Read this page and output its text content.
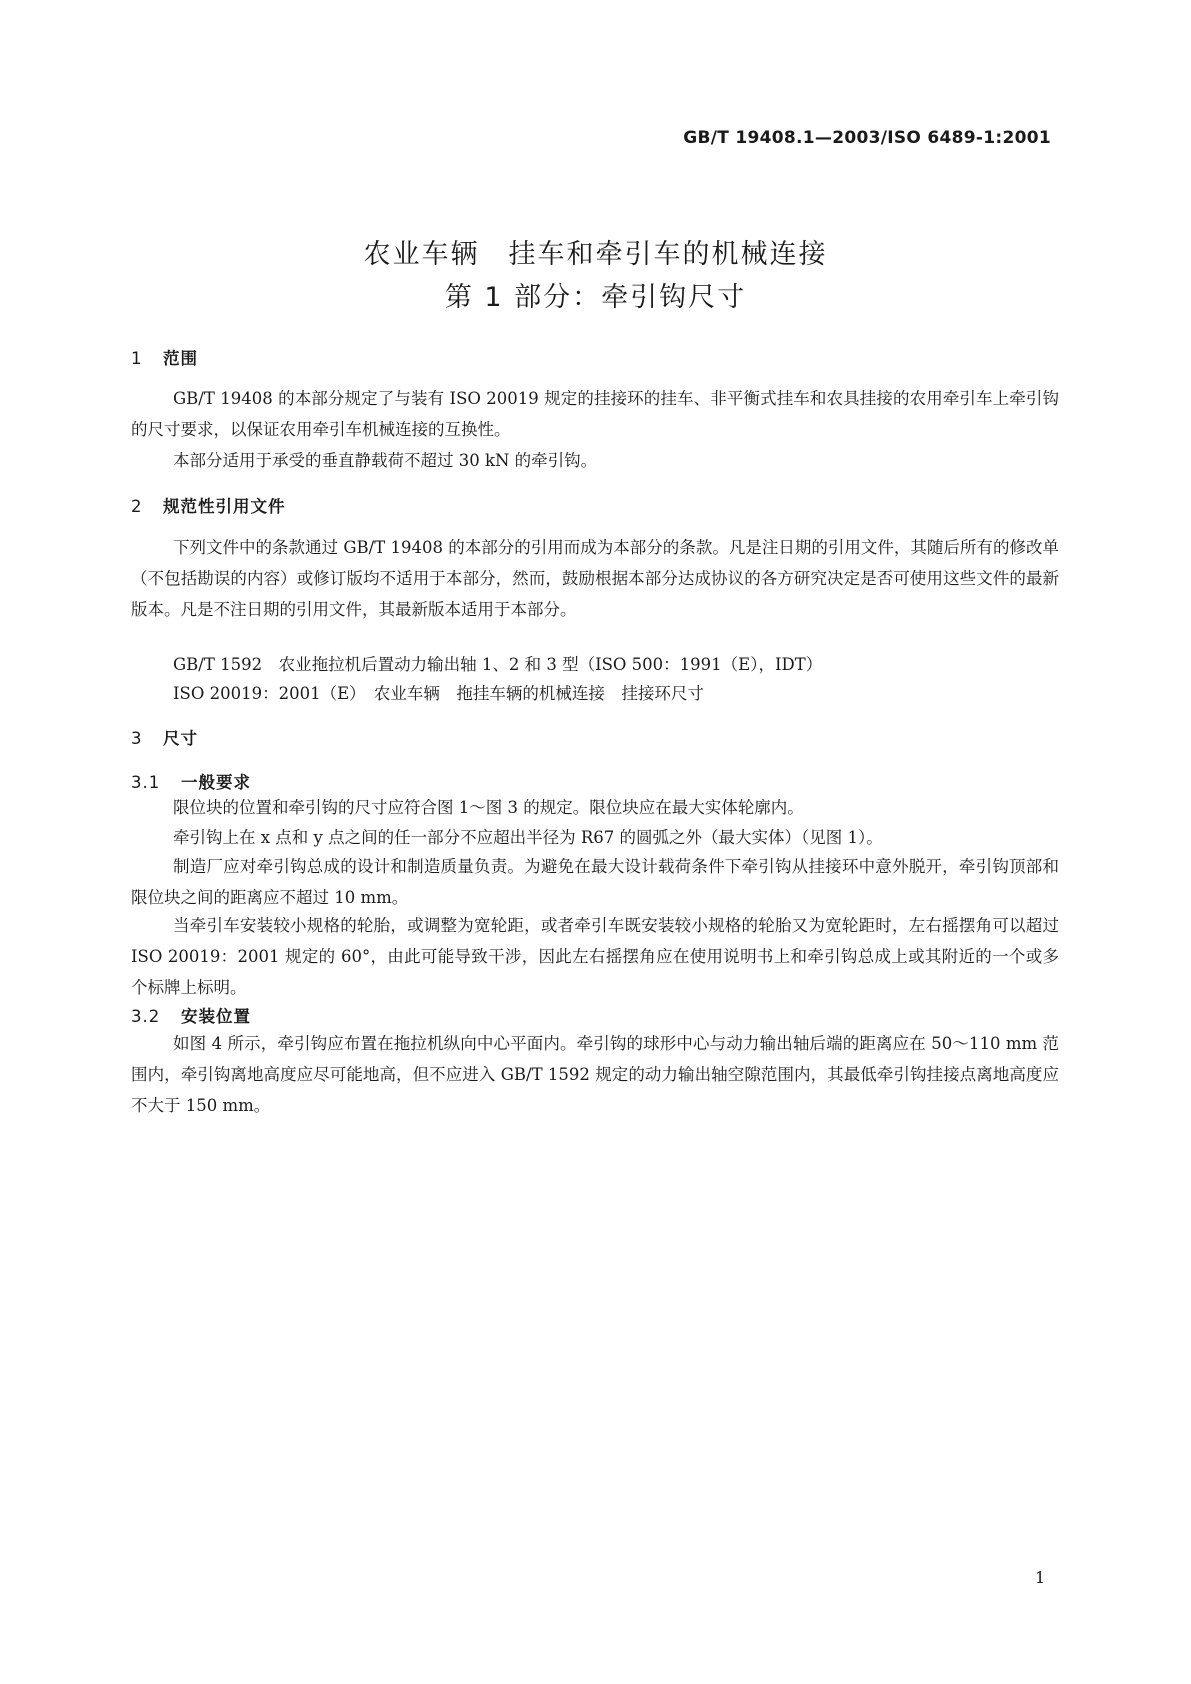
GB/T 19408.1—2003/ISO 6489-1:2001
农业车辆　挂车和牵引车的机械连接
第 1 部分：牵引钩尺寸
1 范围
GB/T 19408 的本部分规定了与装有 ISO 20019 规定的挂接环的挂车、非平衡式挂车和农具挂接的农用牵引车上牵引钩的尺寸要求，以保证农用牵引车机械连接的互换性。
本部分适用于承受的垂直静载荷不超过 30 kN 的牵引钩。
2 规范性引用文件
下列文件中的条款通过 GB/T 19408 的本部分的引用而成为本部分的条款。凡是注日期的引用文件，其随后所有的修改单（不包括勘误的内容）或修订版均不适用于本部分，然而，鼓励根据本部分达成协议的各方研究决定是否可使用这些文件的最新版本。凡是不注日期的引用文件，其最新版本适用于本部分。
GB/T 1592　农业拖拉机后置动力输出轴 1、2 和 3 型（ISO 500：1991（E），IDT）
ISO 20019：2001（E）　农业车辆　拖挂车辆的机械连接　挂接环尺寸
3 尺寸
3.1 一般要求
限位块的位置和牵引钩的尺寸应符合图 1～图 3 的规定。限位块应在最大实体轮廓内。
牵引钩上在 x 点和 y 点之间的任一部分不应超出半径为 R67 的圆弧之外（最大实体）（见图 1）。
制造厂应对牵引钩总成的设计和制造质量负责。为避免在最大设计载荷条件下牵引钩从挂接环中意外脱开，牵引钩顶部和限位块之间的距离应不超过 10 mm。
当牵引车安装较小规格的轮胎，或调整为宽轮距，或者牵引车既安装较小规格的轮胎又为宽轮距时，左右摇摆角可以超过 ISO 20019：2001 规定的 60°，由此可能导致干涉，因此左右摇摆角应在使用说明书上和牵引钩总成上或其附近的一个或多个标牌上标明。
3.2 安装位置
如图 4 所示，牵引钩应布置在拖拉机纵向中心平面内。牵引钩的球形中心与动力输出轴后端的距离应在 50～110 mm 范围内，牵引钩离地高度应尽可能地高，但不应进入 GB/T 1592 规定的动力输出轴空隙范围内，其最低牵引钩挂接点离地高度应不大于 150 mm。
1
